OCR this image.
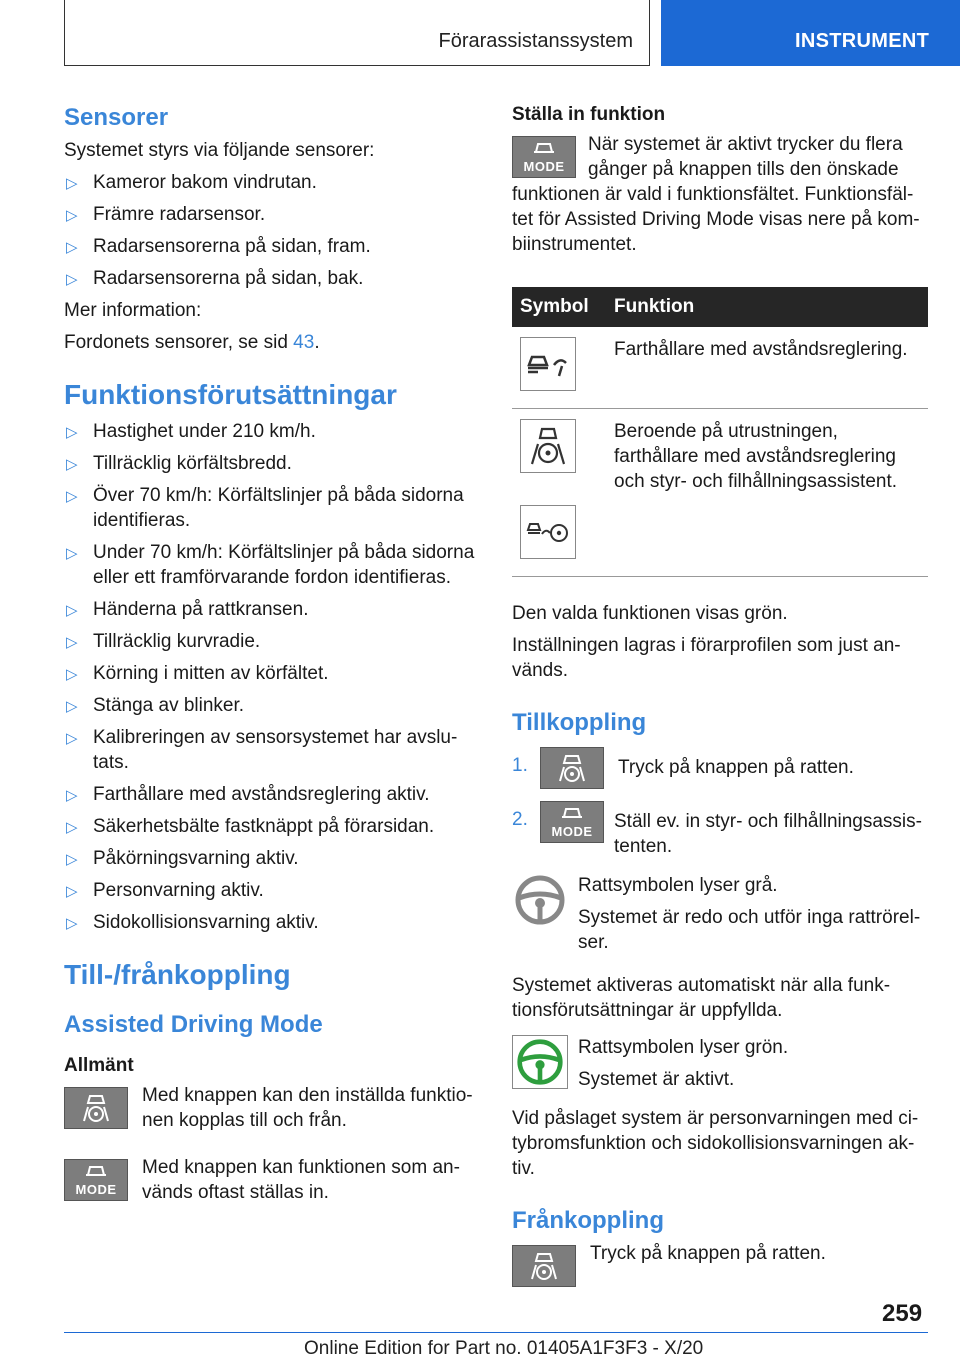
Förarassistanssystem	INSTRUMENT
Sensorer

Systemet styrs via följande sensorer:

▷ Kameror bakom vindrutan.
▷ Främre radarsensor.
▷ Radarsensorerna på sidan, fram.
▷ Radarsensorerna på sidan, bak.

Mer information:

Fordonets sensorer, se sid 43.

Funktionsförutsättningar
▷ Hastighet under 210 km/h.
▷ Tillräcklig körfältsbredd.
▷ Över 70 km/h: Körfältslinjer på båda sidorna identifieras.
▷ Under 70 km/h: Körfältslinjer på båda sidorna eller ett framförvarande fordon identifieras.
▷ Händerna på rattkransen.
▷ Tillräcklig kurvradie.
▷ Körning i mitten av körfältet.
▷ Stänga av blinker.
▷ Kalibreringen av sensorsystemet har avslu-tats.
▷ Farthållare med avståndsreglering aktiv.
▷ Säkerhetsbälte fastknäppt på förarsidan.
▷ Påkörningsvarning aktiv.
▷ Personvarning aktiv.
▷ Sidokollisionsvarning aktiv.
Till-/frånkoppling
Assisted Driving Mode
Allmänt

Med knappen kan den inställda funktio-nen kopplas till och från.

MODE

Med knappen kan funktionen som an-vänds oftast ställas in.

Ställa in funktion
MODE

När systemet är aktivt trycker du flera gånger på knappen tills den önskade funktionen är vald i funktionsfältet. Funktionsfäl-tet för Assisted Driving Mode visas nere på kom-biinstrumentet.

Symbol	Funktion

	Farthållare med avståndsreglering.

	Beroende på utrustningen, farthållare med avståndsreglering och styr- och filhållningsassistent.

Den valda funktionen visas grön.

Inställningen lagras i förarprofilen som just an-vänds.

Tillkoppling
1.	Tryck på knappen på ratten.

2.
MODE	Ställ ev. in styr- och filhållningsassis-tenten.

Rattsymbolen lyser grå.

Systemet är redo och utför inga rattrörel-ser.

Systemet aktiveras automatiskt när alla funk-tionsförutsättningar är uppfyllda.

Rattsymbolen lyser grön.

Systemet är aktivt.

Vid påslaget system är personvarningen med ci-tybromsfunktion och sidokollisionsvarningen ak-tiv.

Frånkoppling

Tryck på knappen på ratten.

259
Online Edition for Part no. 01405A1F3F3 - X/20
